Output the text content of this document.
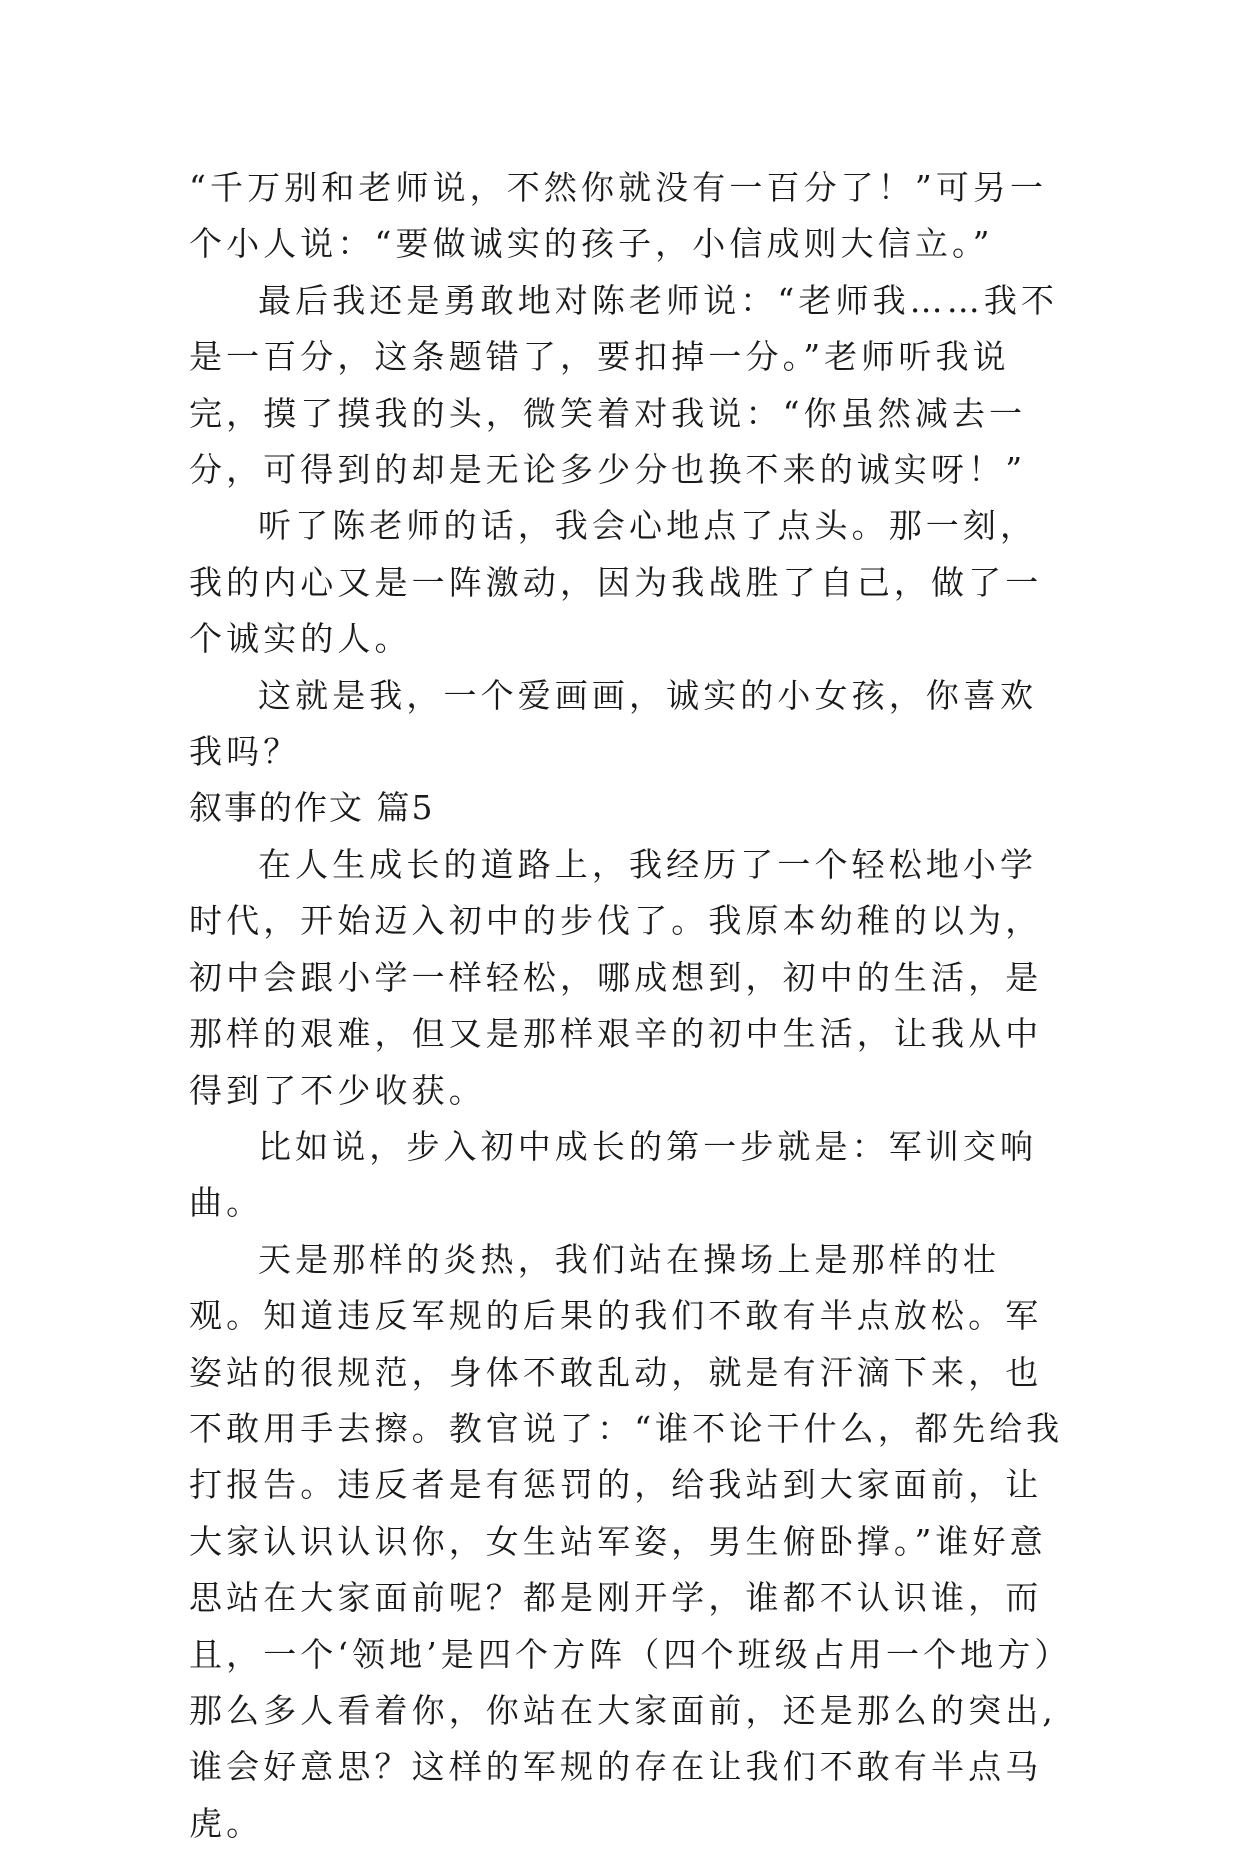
“千万别和老师说，不然你就没有一百分了！”可另一个小人说：“要做诚实的孩子，小信成则大信立。”

最后我还是勇敢地对陈老师说：“老师我……我不是一百分，这条题错了，要扣掉一分。”老师听我说完，摸了摸我的头，微笑着对我说：“你虽然减去一分，可得到的却是无论多少分也换不来的诚实呀！”

听了陈老师的话，我会心地点了点头。那一刻，我的内心又是一阵激动，因为我战胜了自己，做了一个诚实的人。

这就是我，一个爱画画，诚实的小女孩，你喜欢我吗？

叙事的作文 篇5

在人生成长的道路上，我经历了一个轻松地小学时代，开始迈入初中的步伐了。我原本幼稚的以为，初中会跟小学一样轻松，哪成想到，初中的生活，是那样的艰难，但又是那样艰辛的初中生活，让我从中得到了不少收获。

比如说，步入初中成长的第一步就是：军训交响曲。

天是那样的炎热，我们站在操场上是那样的壮观。知道违反军规的后果的我们不敢有半点放松。军姿站的很规范，身体不敢乱动，就是有汗滴下来，也不敢用手去擦。教官说了：“谁不论干什么，都先给我打报告。违反者是有惩罚的，给我站到大家面前，让大家认识认识你，女生站军姿，男生俯卧撑。”谁好意思站在大家面前呢？都是刚开学，谁都不认识谁，而且，一个‘领地’是四个方阵（四个班级占用一个地方）那么多人看着你，你站在大家面前，还是那么的突出,谁会好意思？这样的军规的存在让我们不敢有半点马虎。
